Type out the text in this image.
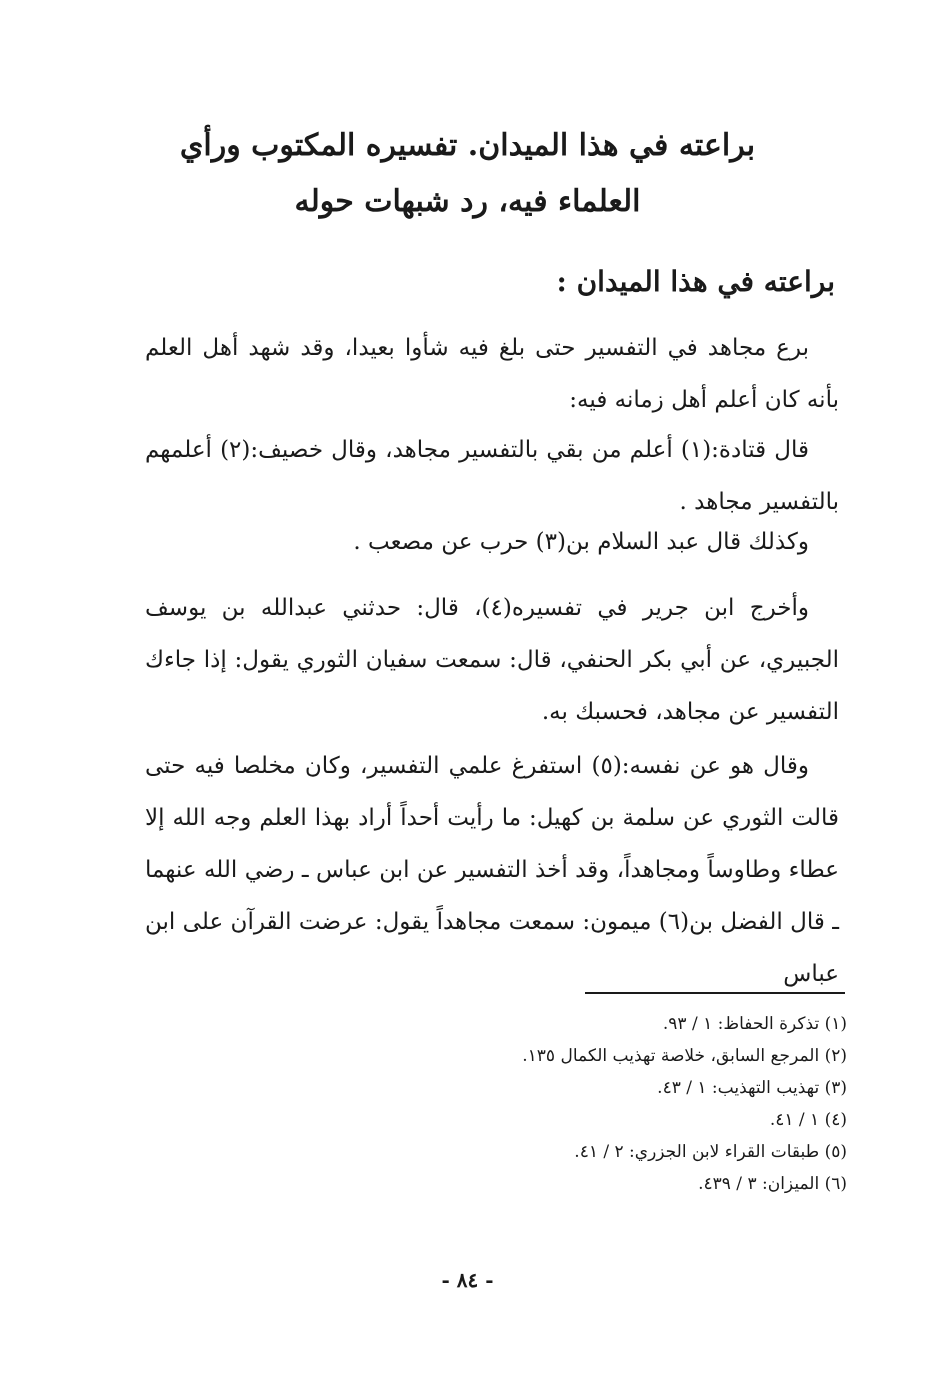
براعته في هذا الميدان. تفسيره المكتوب ورأي
العلماء فيه، رد شبهات حوله
براعته في هذا الميدان :

برع مجاهد في التفسير حتى بلغ فيه شأوا بعيدا، وقد شهد أهل العلم بأنه كان أعلم أهل زمانه فيه:

قال قتادة:(١) أعلم من بقي بالتفسير مجاهد، وقال خصيف:(٢) أعلمهم بالتفسير مجاهد .

وكذلك قال عبد السلام بن(٣) حرب عن مصعب .

وأخرج ابن جرير في تفسيره(٤)، قال: حدثني عبدالله بن يوسف الجبيري، عن أبي بكر الحنفي، قال: سمعت سفيان الثوري يقول: إذا جاءك التفسير عن مجاهد، فحسبك به.

وقال هو عن نفسه:(٥) استفرغ علمي التفسير، وكان مخلصا فيه حتى قالت الثوري عن سلمة بن كهيل: ما رأيت أحداً أراد بهذا العلم وجه الله إلا عطاء وطاوساً ومجاهداً، وقد أخذ التفسير عن ابن عباس ـ رضي الله عنهما ـ قال الفضل بن(٦) ميمون: سمعت مجاهداً يقول: عرضت القرآن على ابن عباس

(١) تذكرة الحفاظ: ١ / ٩٣.
(٢) المرجع السابق، خلاصة تهذيب الكمال ١٣٥.
(٣) تهذيب التهذيب: ١ / ٤٣.
(٤) ١ / ٤١.
(٥) طبقات القراء لابن الجزري: ٢ / ٤١.
(٦) الميزان: ٣ / ٤٣٩.
- ٨٤ -
